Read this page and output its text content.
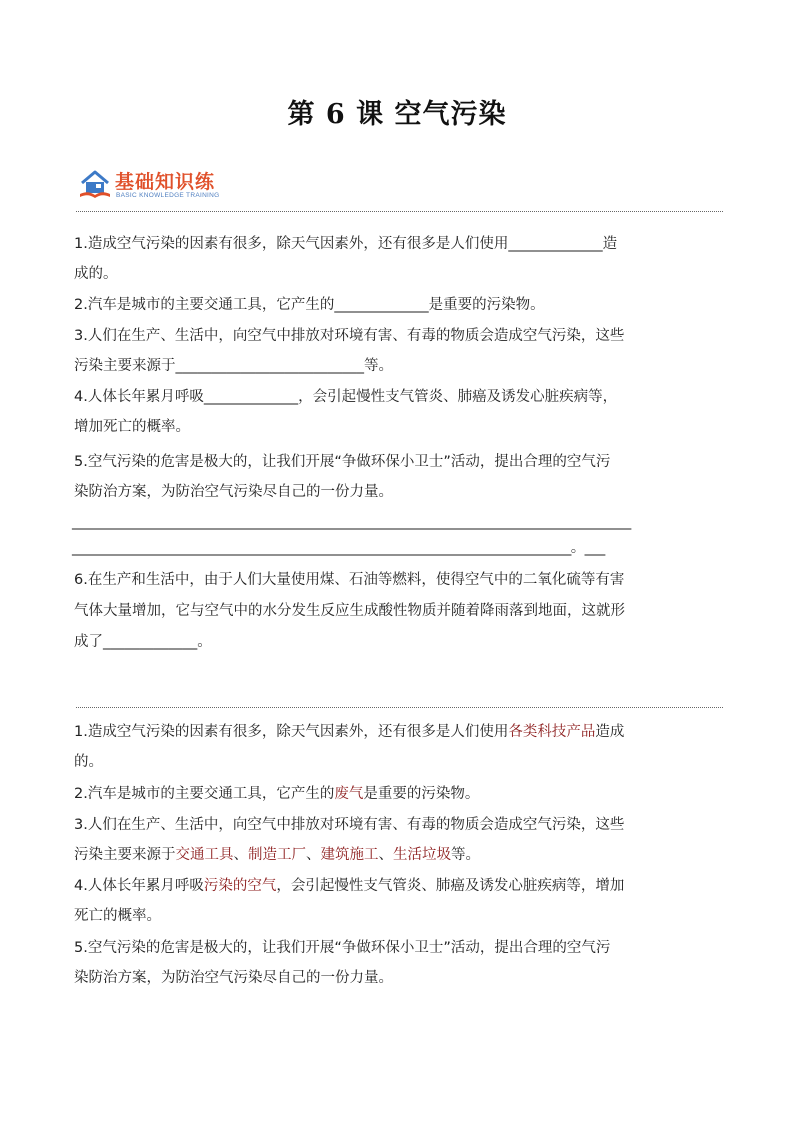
第 6 课 空气污染
基础知识练
BASIC KNOWLEDGE TRAINING
1.造成空气污染的因素有很多，除天气因素外，还有很多是人们使用_____________造
成的。
2.汽车是城市的主要交通工具，它产生的_____________是重要的污染物。
3.人们在生产、生活中，向空气中排放对环境有害、有毒的物质会造成空气污染，这些
污染主要来源于__________________________等。
4.人体长年累月呼吸_____________，会引起慢性支气管炎、肺癌及诱发心脏疾病等，
增加死亡的概率。
5.空气污染的危害是极大的，让我们开展“争做环保小卫士”活动，提出合理的空气污
染防治方案，为防治空气污染尽自己的一份力量。
____________________________________________________________________________________
___________________________________________________________________________。___
6.在生产和生活中，由于人们大量使用煤、石油等燃料，使得空气中的二氧化硫等有害
气体大量增加，它与空气中的水分发生反应生成酸性物质并随着降雨落到地面，这就形
成了_____________。
1.造成空气污染的因素有很多，除天气因素外，还有很多是人们使用各类科技产品造成
的。
2.汽车是城市的主要交通工具，它产生的废气是重要的污染物。
3.人们在生产、生活中，向空气中排放对环境有害、有毒的物质会造成空气污染，这些
污染主要来源于交通工具、制造工厂、建筑施工、生活垃圾等。
4.人体长年累月呼吸污染的空气，会引起慢性支气管炎、肺癌及诱发心脏疾病等，增加
死亡的概率。
5.空气污染的危害是极大的，让我们开展“争做环保小卫士”活动，提出合理的空气污
染防治方案，为防治空气污染尽自己的一份力量。
